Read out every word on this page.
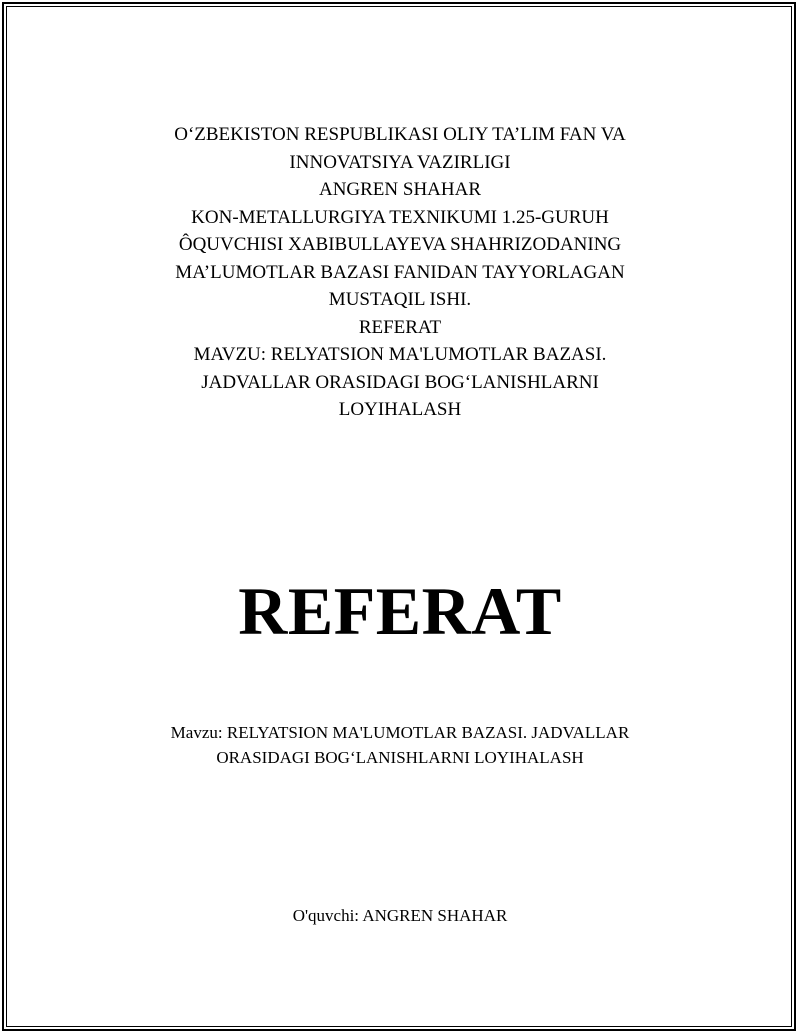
O‘ZBEKISTON RESPUBLIKASI OLIY TA’LIM FAN VA
INNOVATSIYA VAZIRLIGI
ANGREN SHAHAR
KON-METALLURGIYA TEXNIKUMI 1.25-GURUH
ÔQUVCHISI XABIBULLAYEVA SHAHRIZODANING
MA’LUMOTLAR BAZASI FANIDAN TAYYORLAGAN
MUSTAQIL ISHI.
REFERAT
MAVZU: RELYATSION MA'LUMOTLAR BAZASI.
JADVALLAR ORASIDAGI BOG‘LANISHLARNI
LOYIHALASH
REFERAT
Mavzu: RELYATSION MA'LUMOTLAR BAZASI. JADVALLAR
ORASIDAGI BOG‘LANISHLARNI LOYIHALASH
O'quvchi: ANGREN SHAHAR
